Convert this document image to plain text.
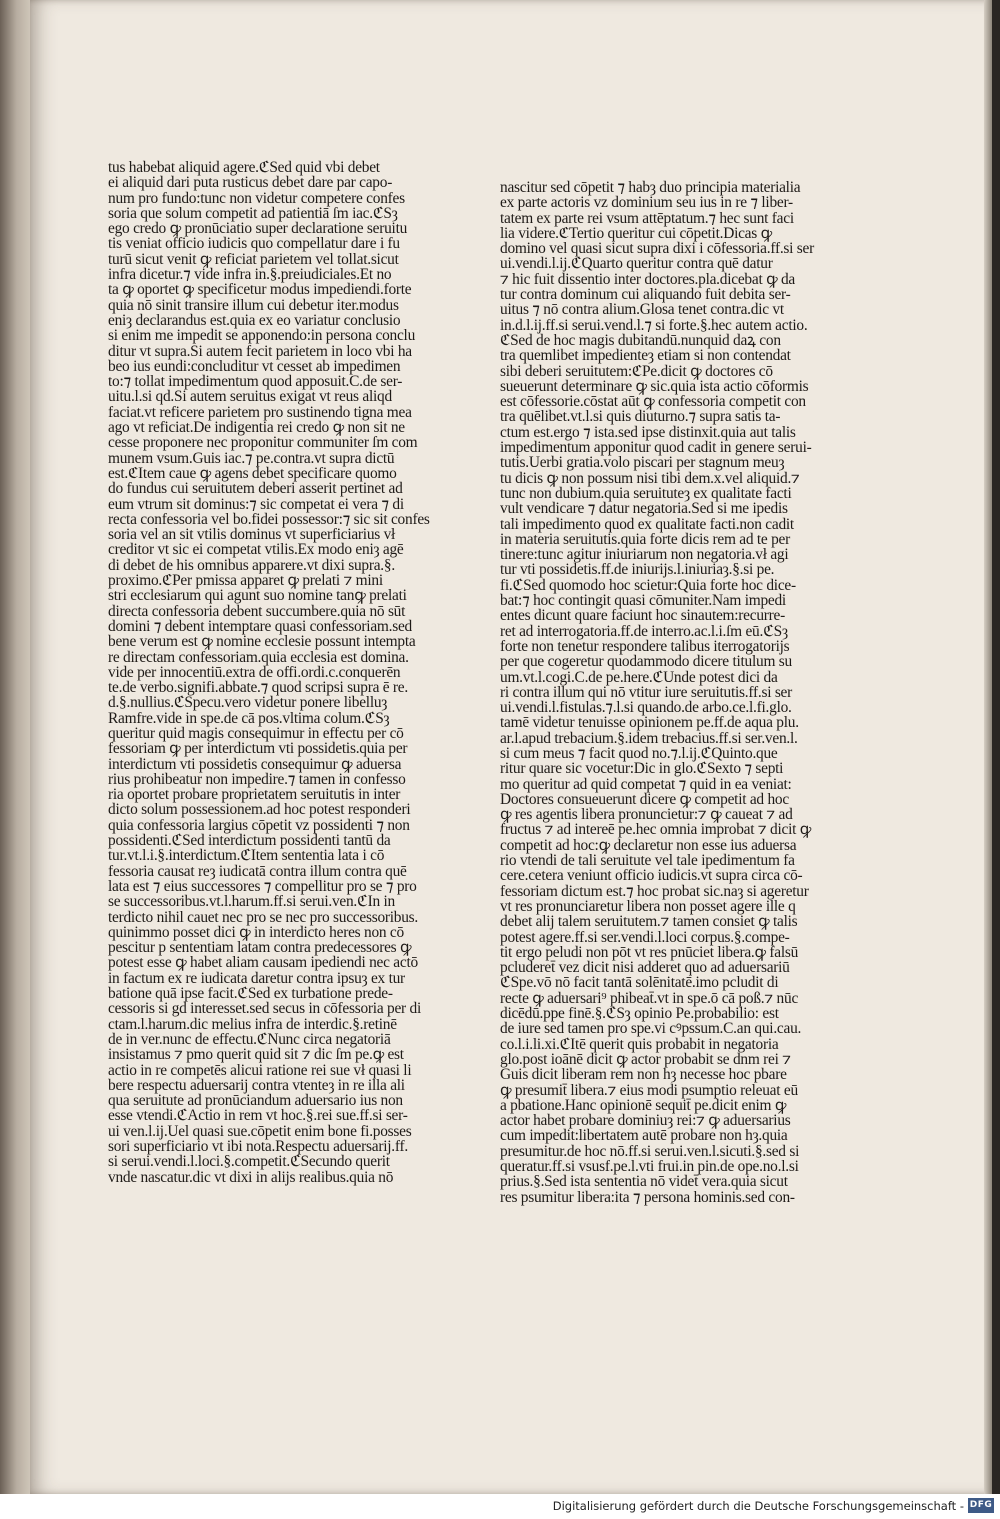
tus habebat aliquid agere.ℭSed quid vbi debet
ei aliquid dari puta rusticus debet dare par capo-
num pro fundo:tunc non videtur competere confes
soria que solum competit ad patientiā ſm iac.ℭSȝ
ego credo ꝙ pronūciatio super declaratione seruitu
tis veniat officio iudicis quo compellatur dare i fu
turū sicut venit ꝙ reficiat parietem vel tollat.sicut
infra dicetur.⁊ vide infra in.§.preiudiciales.Et no
ta ꝙ oportet ꝙ specificetur modus impediendi.forte
quia nō sinit transire illum cui debetur iter.modus
eniȝ declarandus est.quia ex eo variatur conclusio
si enim me impedit se apponendo:in persona conclu
ditur vt supra.Si autem fecit parietem in loco vbi ha
beo ius eundi:concluditur vt cesset ab impedimen
to:⁊ tollat impedimentum quod apposuit.C.de ser-
uitu.l.si qd.Si autem seruitus exigat vt reus aliqd
faciat.vt reficere parietem pro sustinendo tigna mea
ago vt reficiat.De indigentia rei credo ꝙ non sit ne
cesse proponere nec proponitur communiter ſm com
munem vsum.Guis iac.⁊ pe.contra.vt supra dictū
est.ℭItem caue ꝙ agens debet specificare quomo
do fundus cui seruitutem deberi asserit pertinet ad
eum vtrum sit dominus:⁊ sic competat ei vera ⁊ di
recta confessoria vel bo.fidei possessor:⁊ sic sit confes
soria vel an sit vtilis dominus vt superficiarius vł
creditor vt sic ei competat vtilis.Ex modo eniȝ agē
di debet de his omnibus apparere.vt dixi supra.§.
proximo.ℭPer pmissa apparet ꝙ prelati ⁊ mini
stri ecclesiarum qui agunt suo nomine tanꝙ prelati
directa confessoria debent succumbere.quia nō sūt
domini ⁊ debent intemptare quasi confessoriam.sed
bene verum est ꝙ nomine ecclesie possunt intempta
re directam confessoriam.quia ecclesia est domina.
vide per innocentiū.extra de offi.ordi.c.conquerēn
te.de verbo.signifi.abbate.⁊ quod scripsi supra ē re.
d.§.nullius.ℭSpecu.vero videtur ponere libelluȝ
Ramfre.vide in spe.de cā pos.vltima colum.ℭSȝ
queritur quid magis consequimur in effectu per cō
fessoriam ꝙ per interdictum vti possidetis.quia per
interdictum vti possidetis consequimur ꝙ aduersa
rius prohibeatur non impedire.⁊ tamen in confesso
ria oportet probare proprietatem seruitutis in inter
dicto solum possessionem.ad hoc potest responderi
quia confessoria largius cōpetit vz possidenti ⁊ non
possidenti.ℭSed interdictum possidenti tantū da
tur.vt.l.i.§.interdictum.ℭItem sententia lata i cō
fessoria causat reȝ iudicatā contra illum contra quē
lata est ⁊ eius successores ⁊ compellitur pro se ⁊ pro
se successoribus.vt.l.harum.ff.si serui.ven.ℭIn in
terdicto nihil cauet nec pro se nec pro successoribus.
quinimmo posset dici ꝙ in interdicto heres non cō
pescitur p sententiam latam contra predecessores ꝙ
potest esse ꝙ habet aliam causam ipediendi nec actō
in factum ex re iudicata daretur contra ipsuȝ ex tur
batione quā ipse facit.ℭSed ex turbatione prede-
cessoris si gd interesset.sed secus in cōfessoria per di
ctam.l.harum.dic melius infra de interdic.§.retinē
de in ver.nunc de effectu.ℭNunc circa negatoriā
insistamus ⁊ pmo querit quid sit ⁊ dic ſm pe.ꝙ est
actio in re competēs alicui ratione rei sue vł quasi li
bere respectu aduersarij contra vtenteȝ in re illa ali
qua seruitute ad pronūciandum aduersario ius non
esse vtendi.ℭActio in rem vt hoc.§.rei sue.ff.si ser-
ui ven.l.ij.Uel quasi sue.cōpetit enim bone fi.posses
sori superficiario vt ibi nota.Respectu aduersarij.ff.
si serui.vendi.l.loci.§.competit.ℭSecundo querit
vnde nascatur.dic vt dixi in alijs realibus.quia nō
nascitur sed cōpetit ⁊ habȝ duo principia materialia
ex parte actoris vz dominium seu ius in re ⁊ liber-
tatem ex parte rei vsum attēptatum.⁊ hec sunt faci
lia videre.ℭTertio queritur cui cōpetit.Dicas ꝙ
domino vel quasi sicut supra dixi i cōfessoria.ff.si ser
ui.vendi.l.ij.ℭQuarto queritur contra quē datur
⁊ hic fuit dissentio inter doctores.pla.dicebat ꝙ da
tur contra dominum cui aliquando fuit debita ser-
uitus ⁊ nō contra alium.Glosa tenet contra.dic vt
in.d.l.ij.ff.si serui.vend.l.⁊ si forte.§.hec autem actio.
ℭSed de hoc magis dubitandū.nunquid daꝝ con
tra quemlibet impedienteȝ etiam si non contendat
sibi deberi seruitutem:ℭPe.dicit ꝙ doctores cō
sueuerunt determinare ꝙ sic.quia ista actio cōformis
est cōfessorie.cōstat aūt ꝙ confessoria competit con
tra quēlibet.vt.l.si quis diuturno.⁊ supra satis ta-
ctum est.ergo ⁊ ista.sed ipse distinxit.quia aut talis
impedimentum apponitur quod cadit in genere serui-
tutis.Uerbi gratia.volo piscari per stagnum meuȝ
tu dicis ꝙ non possum nisi tibi dem.x.vel aliquid.⁊
tunc non dubium.quia seruituteȝ ex qualitate facti
vult vendicare ⁊ datur negatoria.Sed si me ipedis
tali impedimento quod ex qualitate facti.non cadit
in materia seruitutis.quia forte dicis rem ad te per
tinere:tunc agitur iniuriarum non negatoria.vł agi
tur vti possidetis.ff.de iniurijs.l.iniuriaȝ.§.si pe.
fi.ℭSed quomodo hoc scietur:Quia forte hoc dice-
bat:⁊ hoc contingit quasi cōmuniter.Nam impedi
entes dicunt quare faciunt hoc sinautem:recurre-
ret ad interrogatoria.ff.de interro.ac.l.i.ſm eū.ℭSȝ
forte non tenetur respondere talibus iterrogatorijs
per que cogeretur quodammodo dicere titulum su
um.vt.l.cogi.C.de pe.here.ℭUnde potest dici da
ri contra illum qui nō vtitur iure seruitutis.ff.si ser
ui.vendi.l.fistulas.⁊.l.si quando.de arbo.ce.l.fi.glo.
tamē videtur tenuisse opinionem pe.ff.de aqua plu.
ar.l.apud trebacium.§.idem trebacius.ff.si ser.ven.l.
si cum meus ⁊ facit quod no.⁊.l.ij.ℭQuinto.que
ritur quare sic vocetur:Dic in glo.ℭSexto ⁊ septi
mo queritur ad quid competat ⁊ quid in ea veniat:
Doctores consueuerunt dicere ꝙ competit ad hoc
ꝙ res agentis libera pronuncietur:⁊ ꝙ caueat ⁊ ad
fructus ⁊ ad intereē pe.hec omnia improbat ⁊ dicit ꝙ
competit ad hoc:ꝙ declaretur non esse ius aduersa
rio vtendi de tali seruitute vel tale ipedimentum fa
cere.cetera veniunt officio iudicis.vt supra circa cō-
fessoriam dictum est.⁊ hoc probat sic.naȝ si ageretur
vt res pronunciaretur libera non posset agere ille q
debet alij talem seruitutem.⁊ tamen consiet ꝙ talis
potest agere.ff.si ser.vendi.l.loci corpus.§.compe-
tit ergo peludi non pōt vt res pnūciet libera.ꝙ falsū
pcluderet̄ vez dicit nisi adderet quo ad aduersariū
ℭSpe.vō nō facit tantā solēnitatē.imo pcludit di
recte ꝙ aduersari⁹ phibeat̄.vt in spe.ō cā poß.⁊ nūc
dicēdū.ppe finē.§.ℭSȝ opinio Pe.probabilio: est
de iure sed tamen pro spe.vi cꝰpssum.C.an qui.cau.
co.l.i.li.xi.ℭItē querit quis probabit in negatoria
glo.post ioānē dicit ꝙ actor probabit se dnm rei ⁊
Guis dicit liberam rem non hȝ necesse hoc pbare
ꝙ presumit̄ libera.⁊ eius modi psumptio releuat eū
a pbatione.Hanc opinionē sequit̄ pe.dicit enim ꝙ
actor habet probare dominiuȝ rei:⁊ ꝙ aduersarius
cum impedit:libertatem autē probare non hȝ.quia
presumitur.de hoc nō.ff.si serui.ven.l.sicuti.§.sed si
queratur.ff.si vsusf.pe.l.vti frui.in pin.de ope.no.l.si
prius.§.Sed ista sententia nō videt̄ vera.quia sicut
res psumitur libera:ita ⁊ persona hominis.sed con-
Digitalisierung gefördert durch die Deutsche Forschungsgemeinschaft - DFG
